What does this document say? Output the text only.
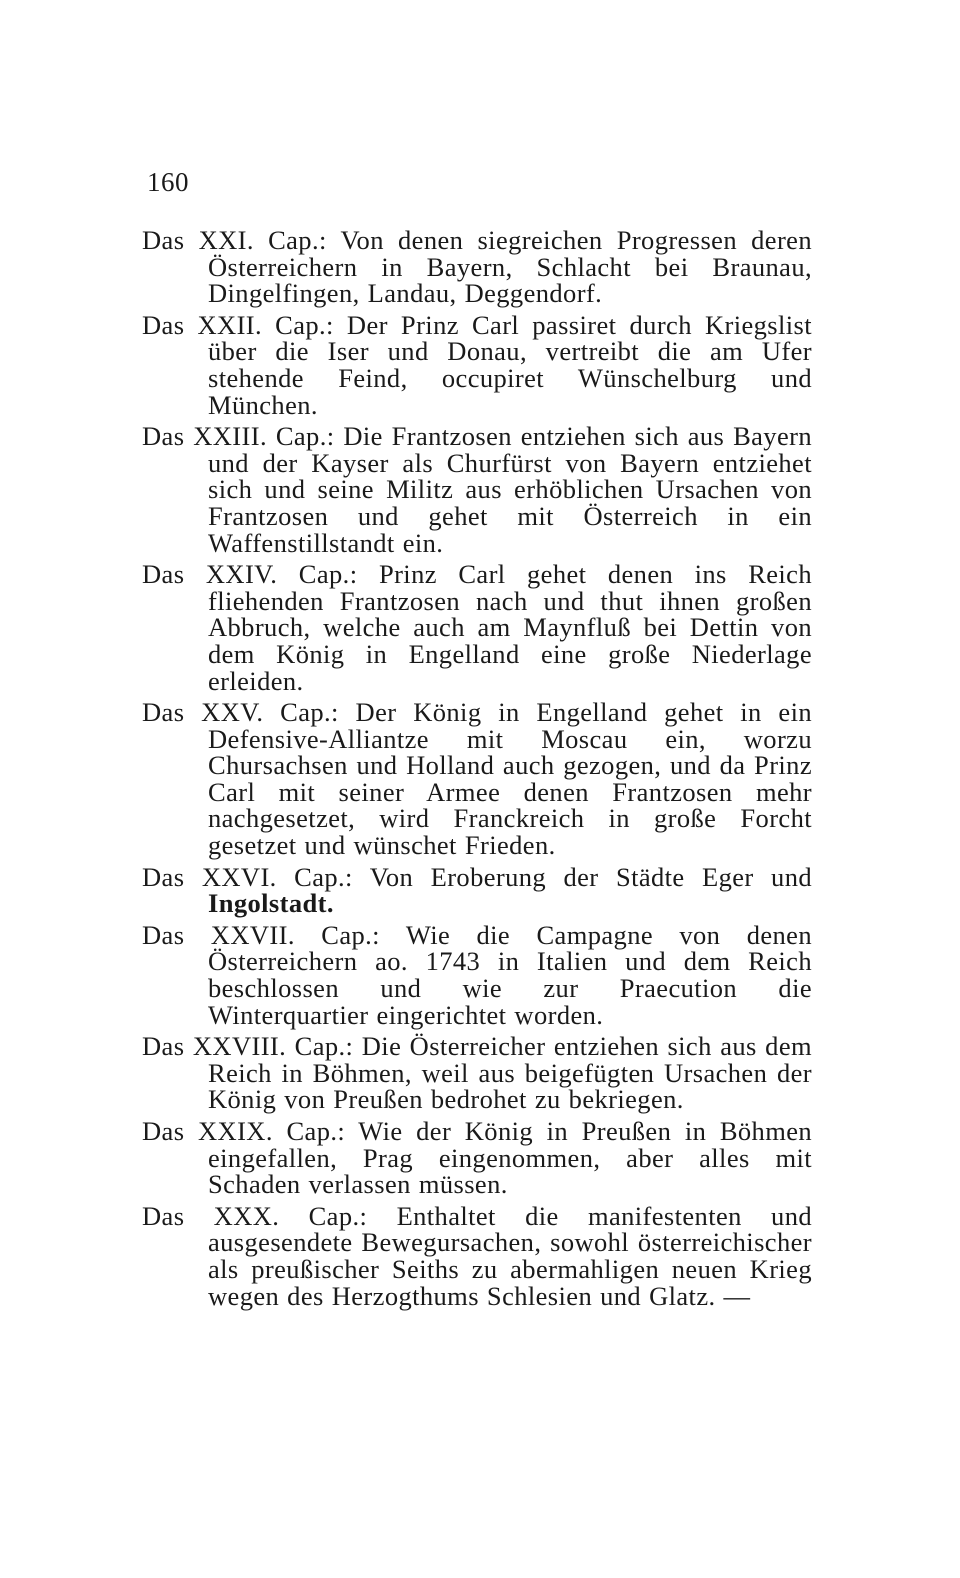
160
Das XXI. Cap.: Von denen siegreichen Progressen deren Österreichern in Bayern, Schlacht bei Braunau, Dingelfingen, Landau, Deggendorf.
Das XXII. Cap.: Der Prinz Carl passiret durch Kriegslist über die Iser und Donau, vertreibt die am Ufer stehende Feind, occupiret Wünschelburg und München.
Das XXIII. Cap.: Die Frantzosen entziehen sich aus Bayern und der Kayser als Churfürst von Bayern entziehet sich und seine Militz aus erhöblichen Ursachen von Frantzosen und gehet mit Österreich in ein Waffenstillstandt ein.
Das XXIV. Cap.: Prinz Carl gehet denen ins Reich fliehenden Frantzosen nach und thut ihnen großen Abbruch, welche auch am Maynfluß bei Dettin von dem König in Engelland eine große Niederlage erleiden.
Das XXV. Cap.: Der König in Engelland gehet in ein Defensive-Alliantze mit Moscau ein, worzu Chursachsen und Holland auch gezogen, und da Prinz Carl mit seiner Armee denen Frantzosen mehr nachgesetzet, wird Franckreich in große Forcht gesetzet und wünschet Frieden.
Das XXVI. Cap.: Von Eroberung der Städte Eger und Ingolstadt.
Das XXVII. Cap.: Wie die Campagne von denen Österreichern ao. 1743 in Italien und dem Reich beschlossen und wie zur Praecution die Winterquartier eingerichtet worden.
Das XXVIII. Cap.: Die Österreicher entziehen sich aus dem Reich in Böhmen, weil aus beigefügten Ursachen der König von Preußen bedrohet zu bekriegen.
Das XXIX. Cap.: Wie der König in Preußen in Böhmen eingefallen, Prag eingenommen, aber alles mit Schaden verlassen müssen.
Das XXX. Cap.: Enthaltet die manifestenten und ausgesendete Bewegursachen, sowohl österreichischer als preußischer Seiths zu abermahligen neuen Krieg wegen des Herzogthums Schlesien und Glatz. —
